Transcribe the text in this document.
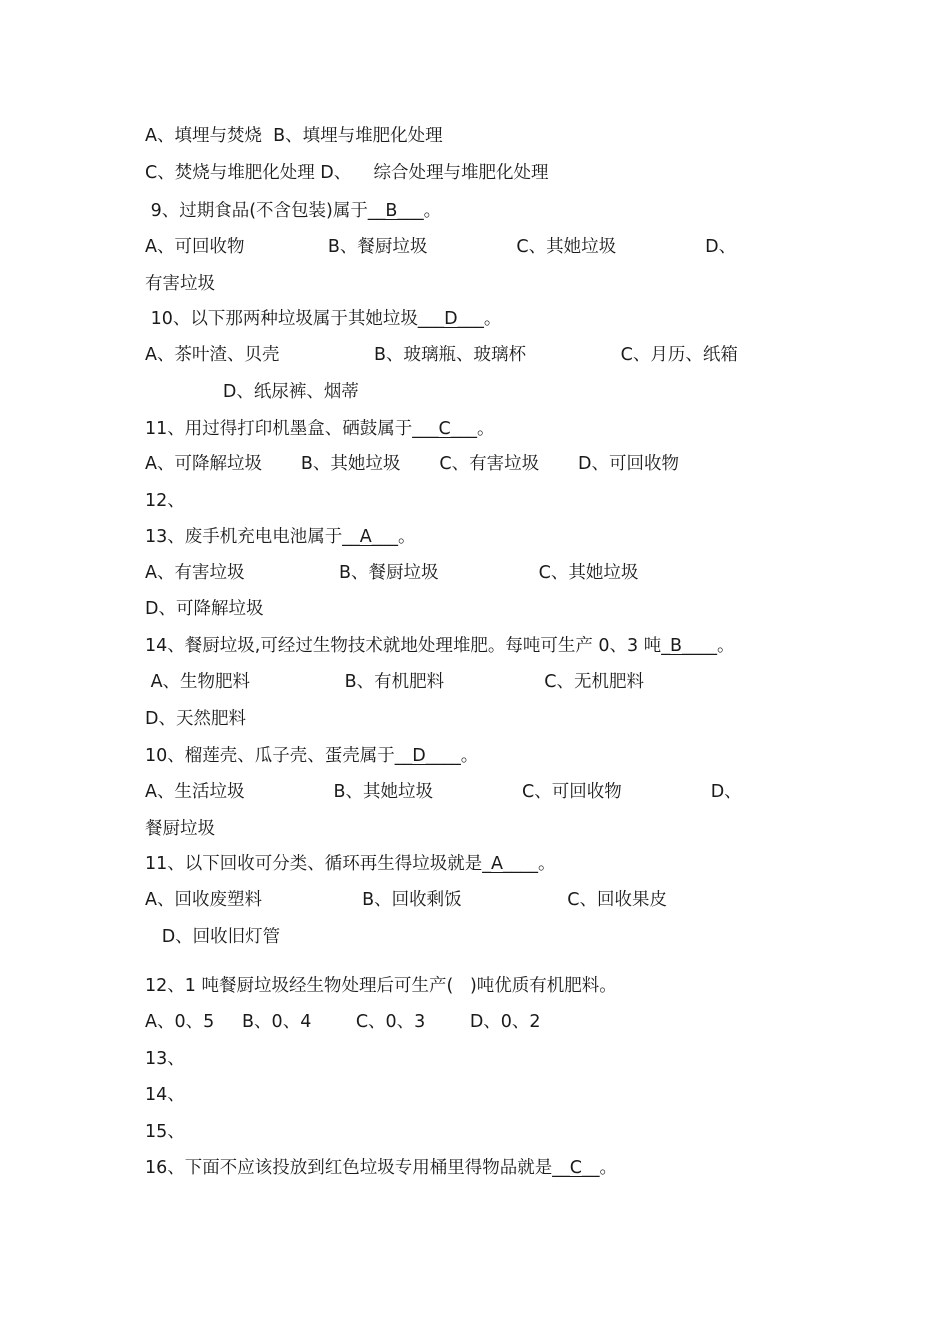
A、填埋与焚烧  B、填埋与堆肥化处理
C、焚烧与堆肥化处理 D、    综合处理与堆肥化处理
9、过期食品(不含包装)属于__B___。
A、可回收物               B、餐厨垃圾                C、其她垃圾                D、
有害垃圾
10、以下那两种垃圾属于其她垃圾___D___。
A、茶叶渣、贝壳                 B、玻璃瓶、玻璃杯                 C、月历、纸箱
D、纸尿裤、烟蒂
11、用过得打印机墨盒、硒鼓属于___C___。
A、可降解垃圾       B、其她垃圾       C、有害垃圾       D、可回收物
12、
13、废手机充电电池属于__A___。
A、有害垃圾                 B、餐厨垃圾                  C、其她垃圾
D、可降解垃圾
14、餐厨垃圾,可经过生物技术就地处理堆肥。每吨可生产 0、3 吨_B____。
A、生物肥料                 B、有机肥料                  C、无机肥料
D、天然肥料
10、榴莲壳、瓜子壳、蛋壳属于__D____。
A、生活垃圾                B、其她垃圾                C、可回收物                D、
餐厨垃圾
11、以下回收可分类、循环再生得垃圾就是_A____。
A、回收废塑料                  B、回收剩饭                   C、回收果皮
D、回收旧灯管
12、1 吨餐厨垃圾经生物处理后可生产(   )吨优质有机肥料。
A、0、5     B、0、4        C、0、3        D、0、2
13、
14、
15、
16、下面不应该投放到红色垃圾专用桶里得物品就是__C__。
